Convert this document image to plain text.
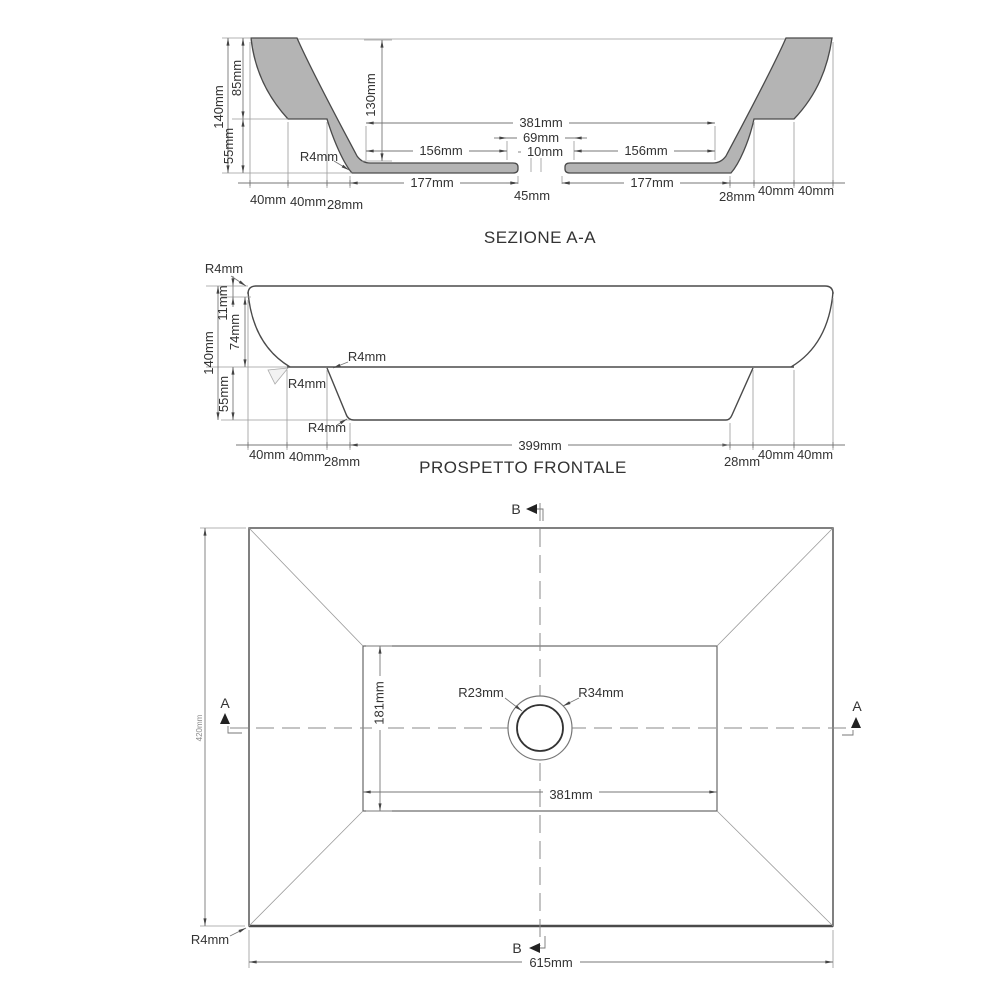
140mm
85mm
55mm
130mm
R4mm
381mm
69mm
10mm
156mm	156mm
177mm	177mm
45mm
40mm 40mm 28mm
28mm 40mm 40mm
SEZIONE A-A
140mm
11mm
74mm
55mm
R4mm
R4mm
R4mm
R4mm
399mm
40mm 40mm
28mm	28mm
40mm 40mm
PROSPETTO FRONTALE
181mm
381mm
615mm
420mm
R23mm	R34mm
R4mm
A	A
B
B
